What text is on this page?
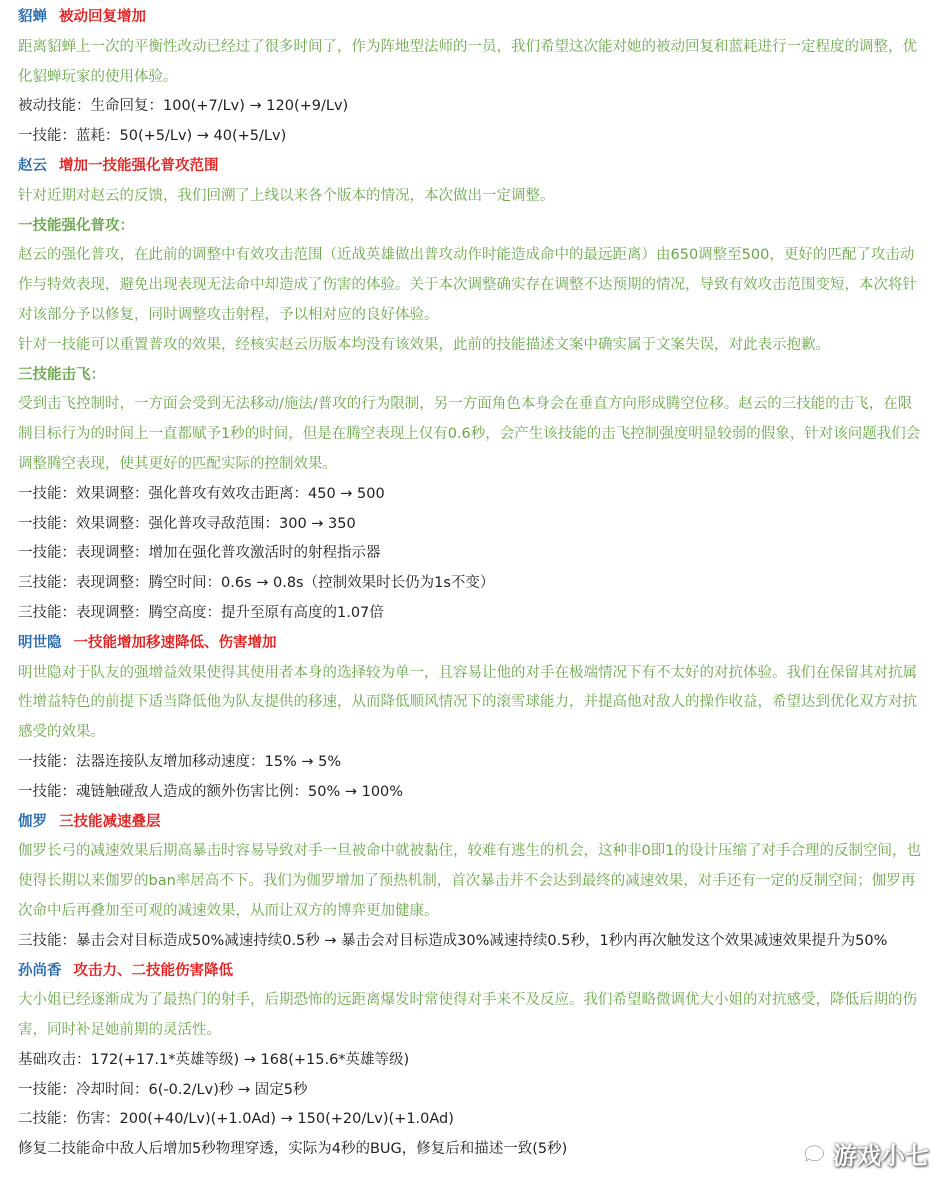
貂蝉 被动回复增加
距离貂蝉上一次的平衡性改动已经过了很多时间了，作为阵地型法师的一员，我们希望这次能对她的被动回复和蓝耗进行一定程度的调整，优化貂蝉玩家的使用体验。
被动技能：生命回复：100(+7/Lv) → 120(+9/Lv)
一技能：蓝耗：50(+5/Lv) → 40(+5/Lv)
赵云 增加一技能强化普攻范围
针对近期对赵云的反馈，我们回溯了上线以来各个版本的情况，本次做出一定调整。
一技能强化普攻：
赵云的强化普攻，在此前的调整中有效攻击范围（近战英雄做出普攻动作时能造成命中的最远距离）由650调整至500，更好的匹配了攻击动作与特效表现，避免出现表现无法命中却造成了伤害的体验。关于本次调整确实存在调整不达预期的情况，导致有效攻击范围变短，本次将针对该部分予以修复，同时调整攻击射程，予以相对应的良好体验。
针对一技能可以重置普攻的效果，经核实赵云历版本均没有该效果，此前的技能描述文案中确实属于文案失误，对此表示抱歉。
三技能击飞：
受到击飞控制时，一方面会受到无法移动/施法/普攻的行为限制，另一方面角色本身会在垂直方向形成腾空位移。赵云的三技能的击飞，在限制目标行为的时间上一直都赋予1秒的时间，但是在腾空表现上仅有0.6秒，会产生该技能的击飞控制强度明显较弱的假象，针对该问题我们会调整腾空表现，使其更好的匹配实际的控制效果。
一技能：效果调整：强化普攻有效攻击距离：450 → 500
一技能：效果调整：强化普攻寻敌范围：300 → 350
一技能：表现调整：增加在强化普攻激活时的射程指示器
三技能：表现调整：腾空时间：0.6s → 0.8s（控制效果时长仍为1s不变）
三技能：表现调整：腾空高度：提升至原有高度的1.07倍
明世隐 一技能增加移速降低、伤害增加
明世隐对于队友的强增益效果使得其使用者本身的选择较为单一，且容易让他的对手在极端情况下有不太好的对抗体验。我们在保留其对抗属性增益特色的前提下适当降低他为队友提供的移速，从而降低顺风情况下的滚雪球能力，并提高他对敌人的操作收益，希望达到优化双方对抗感受的效果。
一技能：法器连接队友增加移动速度：15% → 5%
一技能：魂链触碰敌人造成的额外伤害比例：50% → 100%
伽罗 三技能减速叠层
伽罗长弓的减速效果后期高暴击时容易导致对手一旦被命中就被黏住，较难有逃生的机会，这种非0即1的设计压缩了对手合理的反制空间，也使得长期以来伽罗的ban率居高不下。我们为伽罗增加了预热机制，首次暴击并不会达到最终的减速效果，对手还有一定的反制空间；伽罗再次命中后再叠加至可观的减速效果，从而让双方的博弈更加健康。
三技能：暴击会对目标造成50%减速持续0.5秒 → 暴击会对目标造成30%减速持续0.5秒，1秒内再次触发这个效果减速效果提升为50%
孙尚香 攻击力、二技能伤害降低
大小姐已经逐渐成为了最热门的射手，后期恐怖的远距离爆发时常使得对手来不及反应。我们希望略微调优大小姐的对抗感受，降低后期的伤害，同时补足她前期的灵活性。
基础攻击：172(+17.1*英雄等级) → 168(+15.6*英雄等级)
一技能：冷却时间：6(-0.2/Lv)秒 → 固定5秒
二技能：伤害：200(+40/Lv)(+1.0Ad) → 150(+20/Lv)(+1.0Ad)
修复二技能命中敌人后增加5秒物理穿透，实际为4秒的BUG，修复后和描述一致(5秒)	游戏小七
